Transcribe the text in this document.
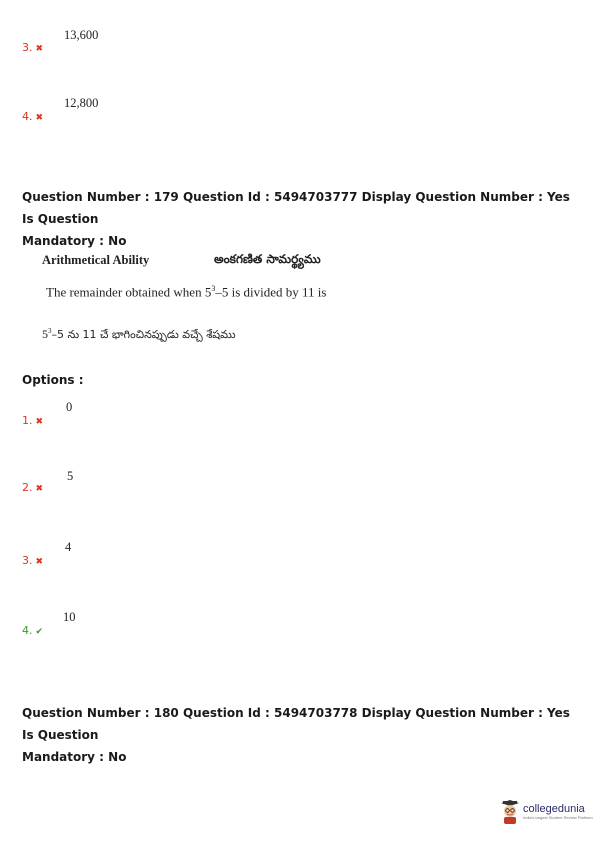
3. ✖
13,600
4. ✖
12,800
Question Number : 179 Question Id : 5494703777 Display Question Number : Yes Is Question
Mandatory : No
Arithmetical Ability	అంకగణిత సామర్థ్యము
The remainder obtained when $5^3-5$ is divided by 11 is
$5^3-5$ ను 11 చే భాగించినప్పుడు వచ్చే శేషము
Options :
1. ✖
0
2. ✖
5
3. ✖
4
4. ✔
10
Question Number : 180 Question Id : 5494703778 Display Question Number : Yes Is Question
Mandatory : No
collegedunia
India's largest Student Review Platform
